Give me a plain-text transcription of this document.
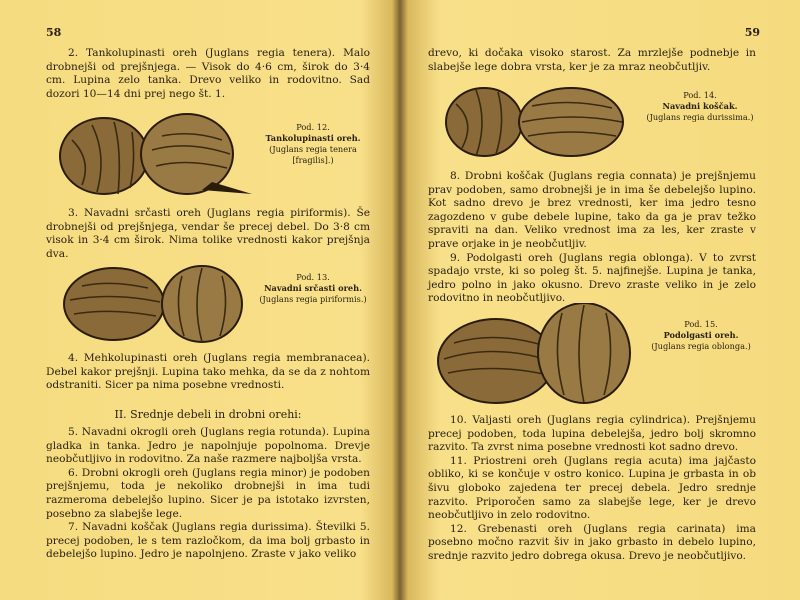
58

2. Tankolupinasti oreh (Juglans regia tenera). Malo drobnejši od prejšnjega. — Visok do 4·6 cm, širok do 3·4 cm. Lupina zelo tanka. Drevo veliko in rodovitno. Sad dozori 10—14 dni prej nego št. 1.

Pod. 12.
Tankolupinasti oreh.
(Juglans regia tenera [fragilis].)

3. Navadni srčasti oreh (Juglans regia piriformis). Še drobnejši od prejšnjega, vendar še precej debel. Do 3·8 cm visok in 3·4 cm širok. Nima tolike vrednosti kakor prejšnja dva.

Pod. 13.
Navadni srčasti oreh.
(Juglans regia piriformis.)

4. Mehkolupinasti oreh (Juglans regia membranacea). Debel kakor prejšnji. Lupina tako mehka, da se da z nohtom odstraniti. Sicer pa nima posebne vrednosti.

II. Srednje debeli in drobni orehi:

5. Navadni okrogli oreh (Juglans regia rotunda). Lupina gladka in tanka. Jedro je napolnjuje popolnoma. Drevje neobčutljivo in rodovitno. Za naše razmere najboljša vrsta.

6. Drobni okrogli oreh (Juglans regia minor) je podoben prejšnjemu, toda je nekoliko drobnejši in ima tudi razmeroma debelejšo lupino. Sicer je pa istotako izvrsten, posebno za slabejše lege.

7. Navadni koščak (Juglans regia durissima). Številki 5. precej podoben, le s tem razločkom, da ima bolj grbasto in debelejšo lupino. Jedro je napolnjeno. Zraste v jako veliko

59

drevo, ki dočaka visoko starost. Za mrzlejše podnebje in slabejše lege dobra vrsta, ker je za mraz neobčutljiv.

Pod. 14.
Navadni koščak.
(Juglans regia durissima.)

8. Drobni koščak (Juglans regia connata) je prejšnjemu prav podoben, samo drobnejši je in ima še debelejšo lupino. Kot sadno drevo je brez vrednosti, ker ima jedro tesno zagozdeno v gube debele lupine, tako da ga je prav težko spraviti na dan. Veliko vrednost ima za les, ker zraste v prave orjake in je neobčutljiv.

9. Podolgasti oreh (Juglans regia oblonga). V to zvrst spadajo vrste, ki so poleg št. 5. najfinejše. Lupina je tanka, jedro polno in jako okusno. Drevo zraste veliko in je zelo rodovitno in neobčutljivo.

Pod. 15.
Podolgasti oreh.
(Juglans regia oblonga.)

10. Valjasti oreh (Juglans regia cylindrica). Prejšnjemu precej podoben, toda lupina debelejša, jedro bolj skromno razvito. Ta zvrst nima posebne vrednosti kot sadno drevo.

11. Priostreni oreh (Juglans regia acuta) ima jajčasto obliko, ki se končuje v ostro konico. Lupina je grbasta in ob šivu globoko zajedena ter precej debela. Jedro srednje razvito. Priporočen samo za slabejše lege, ker je drevo neobčutljivo in zelo rodovitno.

12. Grebenasti oreh (Juglans regia carinata) ima posebno močno razvit šiv in jako grbasto in debelo lupino, srednje razvito jedro dobrega okusa. Drevo je neobčutljivo.
